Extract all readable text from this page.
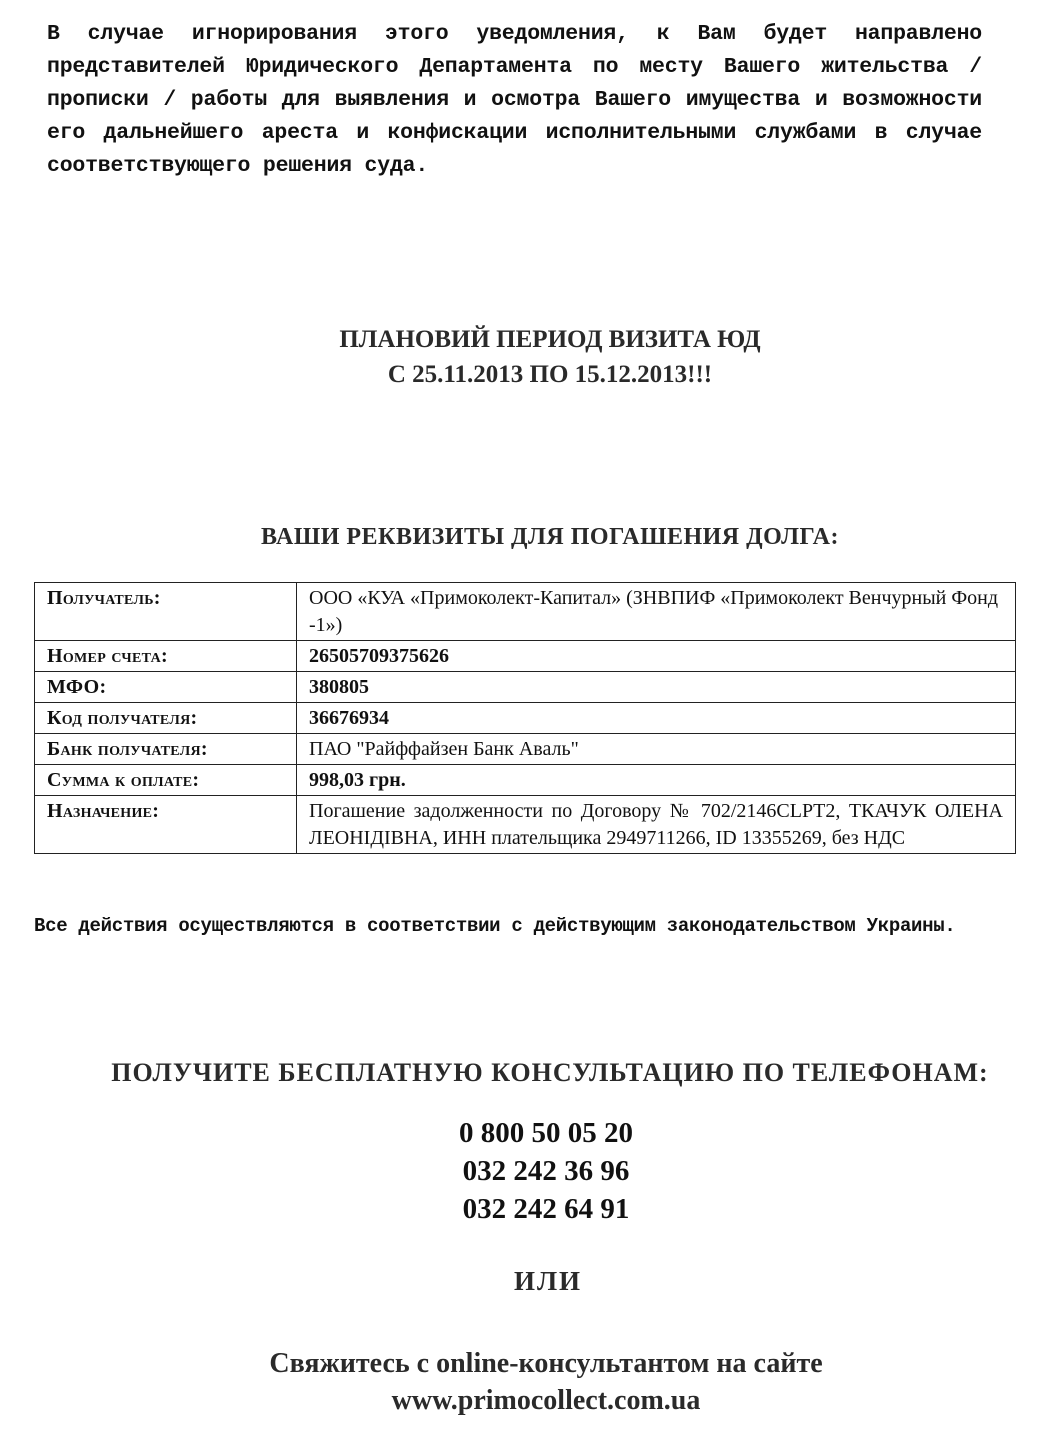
В случае игнорирования этого уведомления, к Вам будет направлено представителей Юридического Департамента по месту Вашего жительства / прописки / работы для выявления и осмотра Вашего имущества и возможности его дальнейшего ареста и конфискации исполнительными службами в случае соответствующего решения суда.
ПЛАНОВИЙ ПЕРИОД ВИЗИТА ЮД
С 25.11.2013 ПО 15.12.2013!!!
ВАШИ РЕКВИЗИТЫ ДЛЯ ПОГАШЕНИЯ ДОЛГА:
Получатель:	ООО «КУА «Примоколект-Капитал» (ЗНВПИФ «Примоколект Венчурный Фонд -1»)
Номер счета:	26505709375626
МФО:	380805
Код получателя:	36676934
Банк получателя:	ПАО "Райффайзен Банк Аваль"
Сумма к оплате:	998,03 грн.
Назначение:	Погашение задолженности по Договору № 702/2146CLPT2, ТКАЧУК ОЛЕНА ЛЕОНІДІВНА, ИНН плательщика 2949711266, ID 13355269, без НДС
Все действия осуществляются в соответствии с действующим законодательством Украины.
ПОЛУЧИТЕ БЕСПЛАТНУЮ КОНСУЛЬТАЦИЮ ПО ТЕЛЕФОНАМ:
0 800 50 05 20
032 242 36 96
032 242 64 91
ИЛИ
Свяжитесь с online-консультантом на сайте
www.primocollect.com.ua
